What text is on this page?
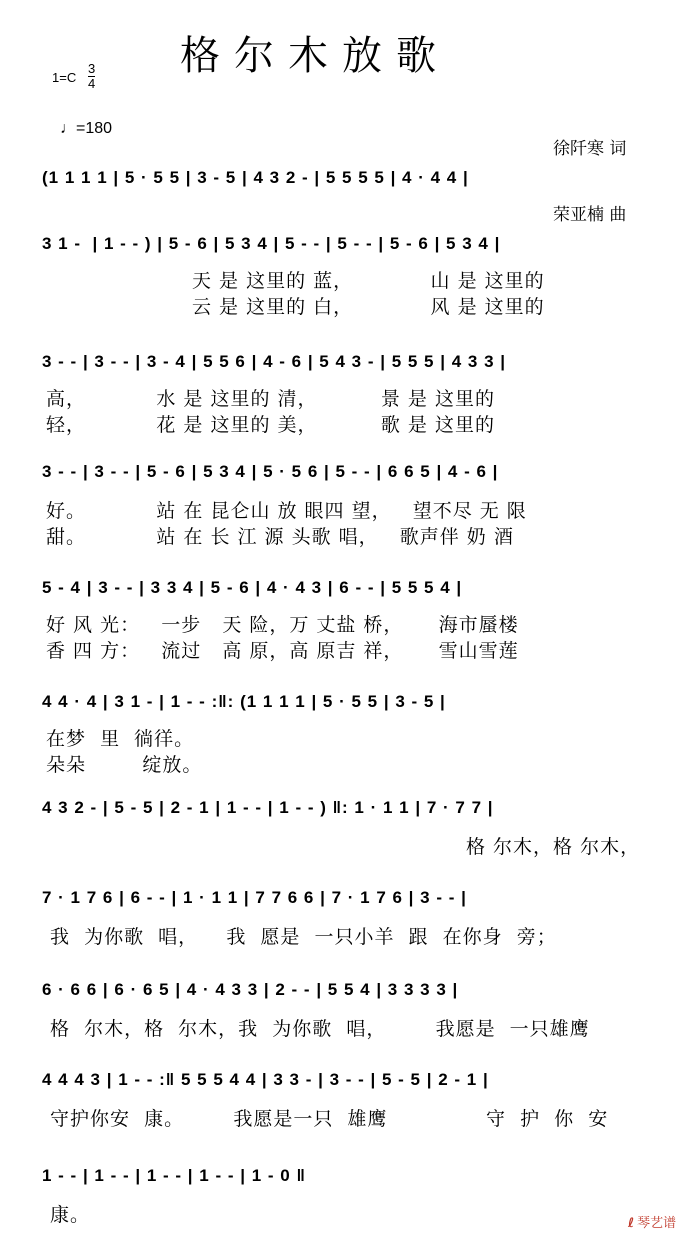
格尔木放歌
1=C
3
4
♩=180

徐阡寒 词

荣亚楠 曲

(1 1 1 1 | 5 · 5 5 | 3 - 5 | 4 3 2 - | 5 5 5 5 | 4 · 4 4 |
3 1 -  | 1 - - ) | 5 - 6 | 5 3 4 | 5 - - | 5 - - | 5 - 6 | 5 3 4 |
天 是 这里的 蓝，           山 是 这里的
云 是 这里的 白，           风 是 这里的
3 - - | 3 - - | 3 - 4 | 5 5 6 | 4 - 6 | 5 4 3 - | 5 5 5 | 4 3 3 |
高，          水 是 这里的 清，         景 是 这里的
轻，          花 是 这里的 美，         歌 是 这里的
3 - - | 3 - - | 5 - 6 | 5 3 4 | 5 · 5 6 | 5 - - | 6 6 5 | 4 - 6 |
好。          站 在 昆仑山 放 眼四 望，   望不尽 无 限
甜。          站 在 长 江 源 头歌 唱，   歌声伴 奶 酒
5 - 4 | 3 - - | 3 3 4 | 5 - 6 | 4 · 4 3 | 6 - - | 5 5 5 4 |
好 风 光：   一步   天 险，万 丈盐 桥，     海市蜃楼
香 四 方：   流过   高 原，高 原吉 祥，     雪山雪莲
4 4 · 4 | 3 1 - | 1 - - :‖: (1 1 1 1 | 5 · 5 5 | 3 - 5 |
在梦  里  徜徉。
朵朵        绽放。
4 3 2 - | 5 - 5 | 2 - 1 | 1 - - | 1 - - ) ‖: 1 · 1 1 | 7 · 7 7 |
格 尔木，格 尔木，
7 · 1 7 6 | 6 - - | 1 · 1 1 | 7 7 6 6 | 7 · 1 7 6 | 3 - - |
我  为你歌  唱，    我  愿是  一只小羊  跟  在你身  旁；
6 · 6 6 | 6 · 6 5 | 4 · 4 3 3 | 2 - - | 5 5 4 | 3 3 3 3 |
格  尔木，格  尔木，我  为你歌  唱，       我愿是  一只雄鹰
4 4 4 3 | 1 - - :‖ 5 5 5 4 4 | 3 3 - | 3 - - | 5 - 5 | 2 - 1 |
守护你安  康。       我愿是一只  雄鹰              守  护  你  安
1 - - | 1 - - | 1 - - | 1 - - | 1 - 0 ‖
康。	ℓ 琴艺谱
